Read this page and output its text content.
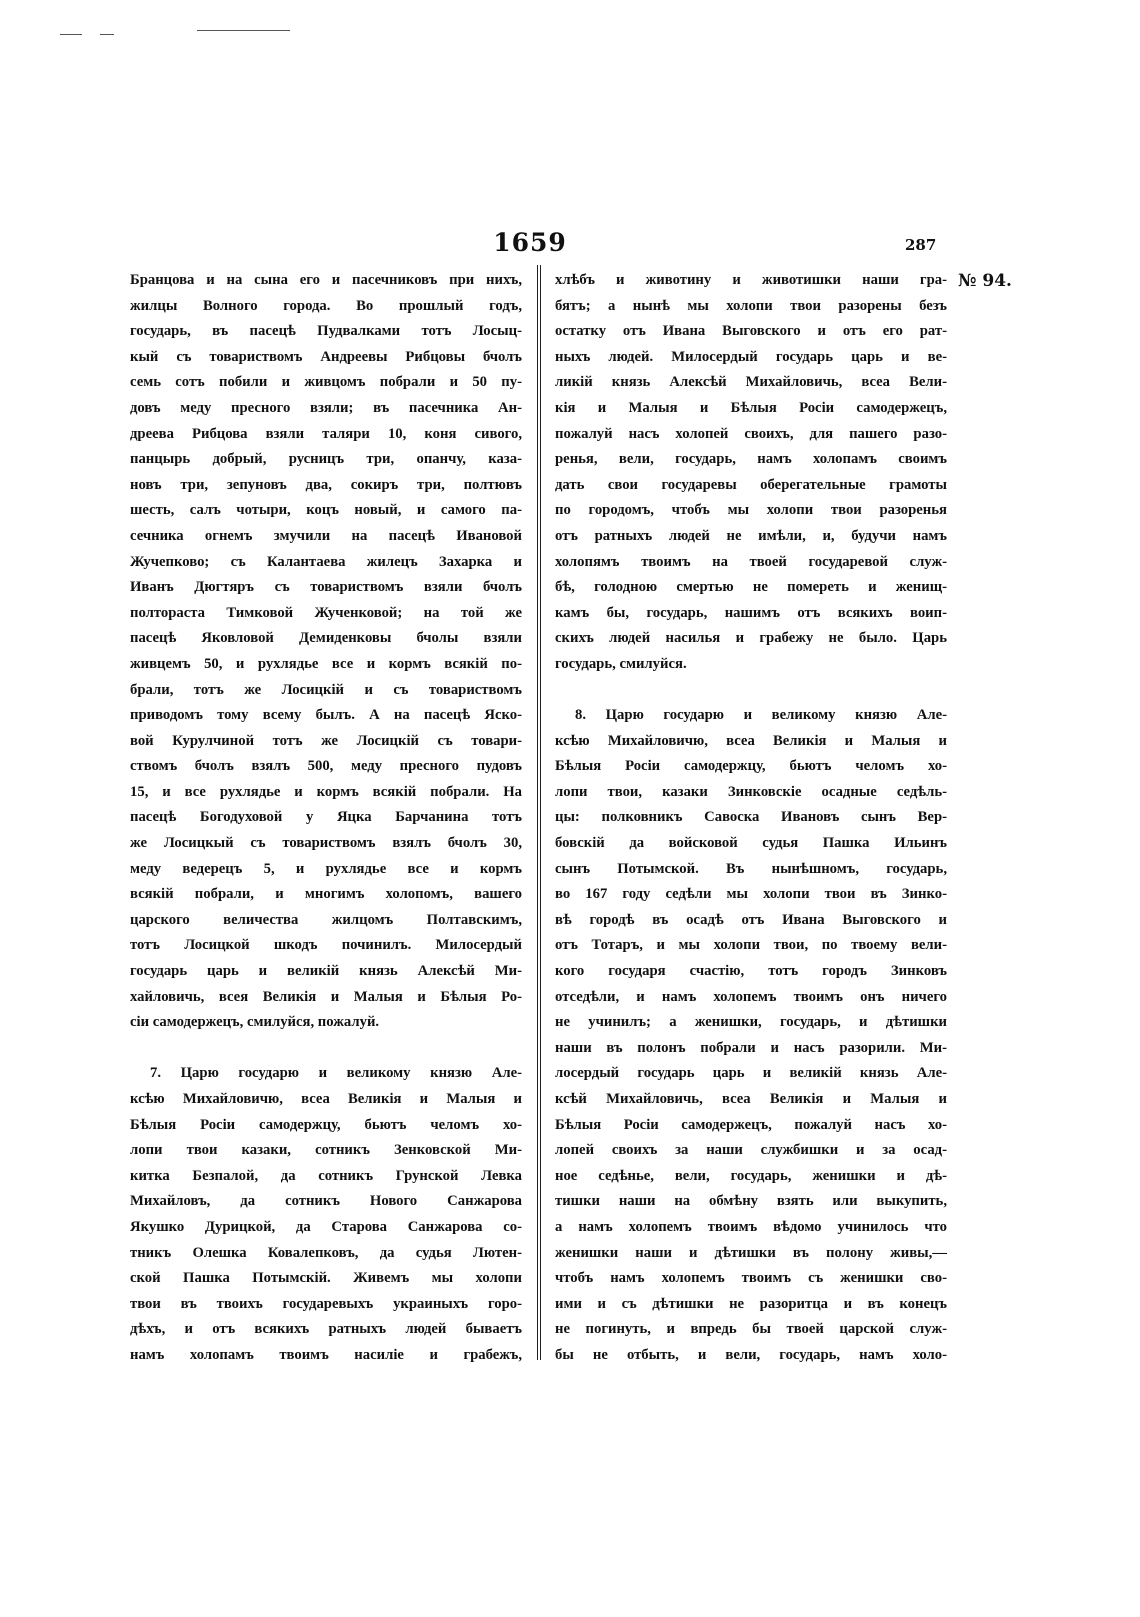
1659	287
№ 94.
Бранцова и на сына его и пасечниковъ при нихъ,
жилцы Волного города. Во прошлый годъ,
государь, въ пасецѣ Пудвалками тотъ Лосыц-
кый съ товариствомъ Андреевы Рибцовы бчолъ
семь сотъ побили и живцомъ побрали и 50 пу-
довъ меду пресного взяли; въ пасечника Ан-
дреева Рибцова взяли таляри 10, коня сивого,
панцырь добрый, русницъ три, опанчу, каза-
новъ три, зепуновъ два, сокиръ три, полтювъ
шесть, салъ чотыри, коцъ новый, и самого па-
сечника огнемъ змучили на пасецѣ Ивановой
Жучепково; съ Калантаева жилецъ Захарка и
Иванъ Дюгтяръ съ товариствомъ взяли бчолъ
полтораста Тимковой Жученковой; на той же
пасецѣ Яковловой Демиденковы бчолы взяли
живцемъ 50, и рухлядье все и кормъ всякій по-
брали, тотъ же Лосицкій и съ товариствомъ
приводомъ тому всему былъ. А на пасецѣ Яско-
вой Курулчиной тотъ же Лосицкій съ товари-
ствомъ бчолъ взялъ 500, меду пресного пудовъ
15, и все рухлядье и кормъ всякій побрали. На
пасецѣ Богодуховой у Яцка Барчанина тотъ
же Лосицкый съ товариствомъ взялъ бчолъ 30,
меду ведерецъ 5, и рухлядье все и кормъ
всякій побрали, и многимъ холопомъ, вашего
царского величества жилцомъ Полтавскимъ,
тотъ Лосицкой шкодъ починилъ. Милосердый
государь царь и великій князь Алексѣй Ми-
хайловичь, всея Великія и Малыя и Бѣлыя Ро-
сіи самодержецъ, смилуйся, пожалуй.
7. Царю государю и великому князю Але-
ксѣю Михайловичю, всеа Великія и Малыя и
Бѣлыя Росіи самодержцу, бьютъ челомъ хо-
лопи твои казаки, сотникъ Зенковской Ми-
китка Безпалой, да сотникъ Грунской Левка
Михайловъ, да сотникъ Нового Санжарова
Якушко Дурицкой, да Старова Санжарова со-
тникъ Олешка Ковалепковъ, да судья Лютен-
ской Пашка Потымскій. Живемъ мы холопи
твои въ твоихъ государевыхъ украиныхъ горо-
дѣхъ, и отъ всякихъ ратныхъ людей бываетъ
намъ холопамъ твоимъ насиліе и грабежъ,
хлѣбъ и животину и животишки наши гра-
бятъ; а нынѣ мы холопи твои разорены безъ
остатку отъ Ивана Выговского и отъ его рат-
ныхъ людей. Милосердый государь царь и ве-
ликій князь Алексѣй Михайловичь, всеа Вели-
кія и Малыя и Бѣлыя Росіи самодержецъ,
пожалуй насъ холопей своихъ, для пашего разо-
ренья, вели, государь, намъ холопамъ своимъ
дать свои государевы оберегательные грамоты
по городомъ, чтобъ мы холопи твои разоренья
отъ ратныхъ людей не имѣли, и, будучи намъ
холопямъ твоимъ на твоей государевой служ-
бѣ, голодною смертью не помереть и женищ-
камъ бы, государь, нашимъ отъ всякихъ воип-
скихъ людей насилья и грабежу не было. Царь
государь, смилуйся.
8. Царю государю и великому князю Але-
ксѣю Михайловичю, всеа Великія и Малыя и
Бѣлыя Росіи самодержцу, бьютъ челомъ хо-
лопи твои, казаки Зинковскіе осадные седѣль-
цы: полковникъ Савоска Ивановъ сынъ Вер-
бовскій да войсковой судья Пашка Ильинъ
сынъ Потымской. Въ нынѣшномъ, государь,
во 167 году седѣли мы холопи твои въ Зинко-
вѣ городѣ въ осадѣ отъ Ивана Выговского и
отъ Тотаръ, и мы холопи твои, по твоему вели-
кого государя счастію, тотъ городъ Зинковъ
отседѣли, и намъ холопемъ твоимъ онъ ничего
не учинилъ; а женишки, государь, и дѣтишки
наши въ полонъ побрали и насъ разорили. Ми-
лосердый государь царь и великій князь Але-
ксѣй Михайловичь, всеа Великія и Малыя и
Бѣлыя Росіи самодержецъ, пожалуй насъ хо-
лопей своихъ за наши службишки и за осад-
ное седѣнье, вели, государь, женишки и дѣ-
тишки наши на обмѣну взять или выкупить,
а намъ холопемъ твоимъ вѣдомо учинилось что
женишки наши и дѣтишки въ полону живы,—
чтобъ намъ холопемъ твоимъ съ женишки сво-
ими и съ дѣтишки не разоритца и въ конецъ
не погинуть, и впредь бы твоей царской служ-
бы не отбыть, и вели, государь, намъ холо-
